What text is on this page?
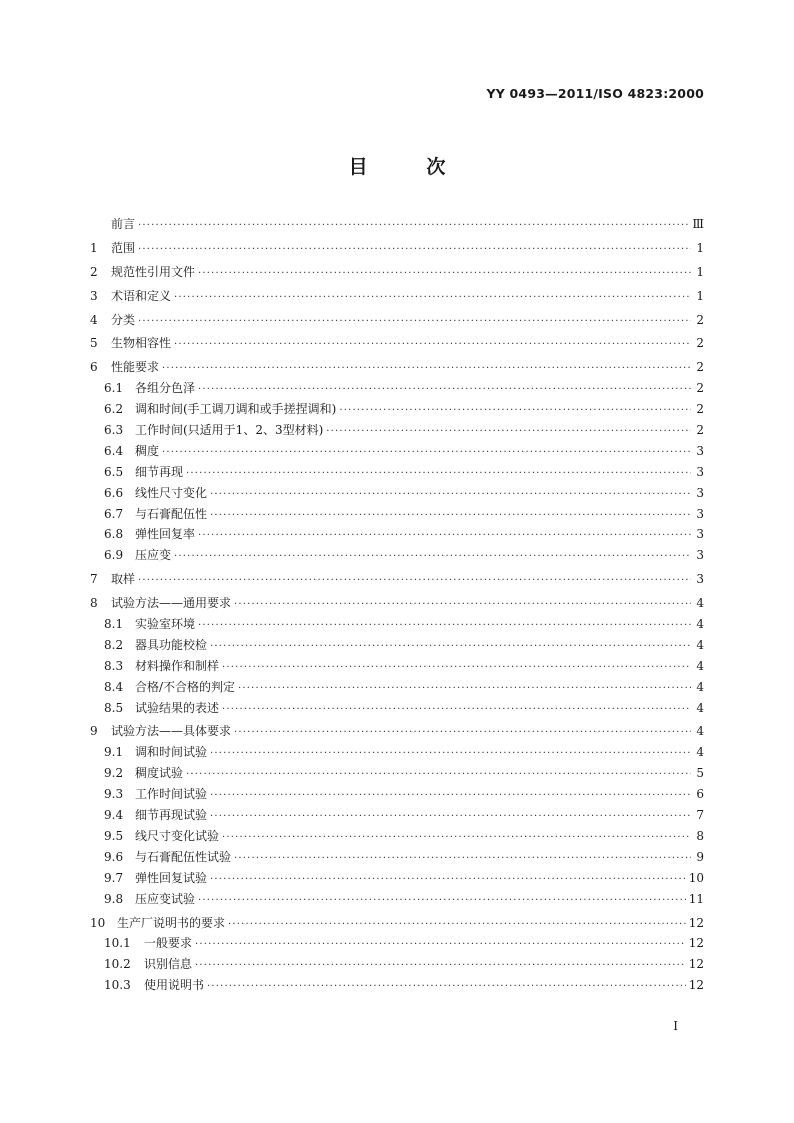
YY 0493—2011/ISO 4823:2000
目	次
前言 ·····	Ⅲ
1	范围 ·····	1
2	规范性引用文件 ·····	1
3	术语和定义 ·····	1
4	分类 ·····	2
5	生物相容性 ·····	2
6	性能要求 ·····	2
6.1 各组分色泽 ·····	2
6.2 调和时间(手工调刀调和或手搓捏调和) ·····	2
6.3 工作时间(只适用于1、2、3型材料) ·····	2
6.4 稠度 ·····	3
6.5 细节再现 ·····	3
6.6 线性尺寸变化 ·····	3
6.7 与石膏配伍性 ·····	3
6.8 弹性回复率 ·····	3
6.9 压应变 ·····	3
7	取样 ·····	3
8	试验方法——通用要求 ·····	4
8.1 实验室环境 ·····	4
8.2 器具功能校检 ·····	4
8.3 材料操作和制样 ·····	4
8.4 合格/不合格的判定 ·····	4
8.5 试验结果的表述 ·····	4
9	试验方法——具体要求 ·····	4
9.1 调和时间试验 ·····	4
9.2 稠度试验 ·····	5
9.3 工作时间试验 ·····	6
9.4 细节再现试验 ·····	7
9.5 线尺寸变化试验 ·····	8
9.6 与石膏配伍性试验 ·····	9
9.7 弹性回复试验 ·····	10
9.8 压应变试验 ·····	11
10 生产厂说明书的要求 ·····	12
10.1	一般要求 ·····	12
10.2	识别信息 ·····	12
10.3	使用说明书 ·····	12
I
